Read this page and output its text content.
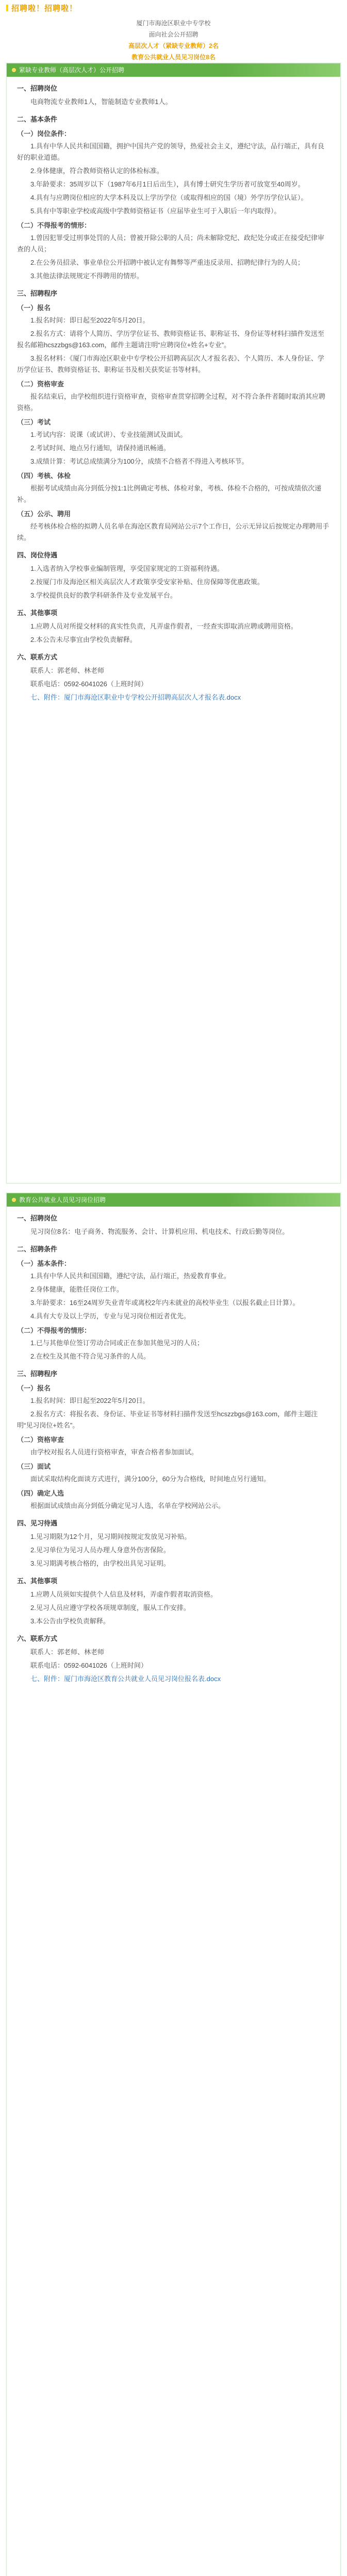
招聘啦！招聘啦！
厦门市海沧区职业中专学校
面向社会公开招聘
高层次人才（紧缺专业教师）2名
教育公共就业人员见习岗位8名
紧缺专业教师（高层次人才）公开招聘
一、招聘岗位
电商物流专业教师1人，智能制造专业教师1人。
二、基本条件
（一）岗位条件：
1.具有中华人民共和国国籍，拥护中国共产党的领导，热爱社会主义，遵纪守法，品行端正，具有良好的职业道德。
2.身体健康，符合教师资格认定的体检标准。
3.年龄要求：35周岁以下（1987年6月1日后出生），具有博士研究生学历者可放宽至40周岁。
4.具有与应聘岗位相应的大学本科及以上学历学位（或取得相应的国（境）外学历学位认证）。
5.具有中等职业学校或高级中学教师资格证书（应届毕业生可于入职后一年内取得）。
（二）不得报考的情形：
1.曾因犯罪受过刑事处罚的人员；曾被开除公职的人员；尚未解除党纪、政纪处分或正在接受纪律审查的人员；
2.在公务员招录、事业单位公开招聘中被认定有舞弊等严重违反录用、招聘纪律行为的人员；
3.其他法律法规规定不得聘用的情形。
三、招聘程序
（一）报名
1.报名时间：即日起至2022年5月20日。
2.报名方式：请将个人简历、学历学位证书、教师资格证书、职称证书、身份证等材料扫描件发送至报名邮箱hcszzbgs@163.com，邮件主题请注明“应聘岗位+姓名+专业”。
3.报名材料：《厦门市海沧区职业中专学校公开招聘高层次人才报名表》、个人简历、本人身份证、学历学位证书、教师资格证书、职称证书及相关获奖证书等材料。
（二）资格审查
报名结束后，由学校组织进行资格审查，资格审查贯穿招聘全过程，对不符合条件者随时取消其应聘资格。
（三）考试
1.考试内容：说课（或试讲）、专业技能测试及面试。
2.考试时间、地点另行通知，请保持通讯畅通。
3.成绩计算：考试总成绩满分为100分，成绩不合格者不得进入考核环节。
（四）考核、体检
根据考试成绩由高分到低分按1:1比例确定考核、体检对象，考核、体检不合格的，可按成绩依次递补。
（五）公示、聘用
经考核体检合格的拟聘人员名单在海沧区教育局网站公示7个工作日，公示无异议后按规定办理聘用手续。
四、岗位待遇
1.入选者纳入学校事业编制管理，享受国家规定的工资福利待遇。
2.按厦门市及海沧区相关高层次人才政策享受安家补贴、住房保障等优惠政策。
3.学校提供良好的教学科研条件及专业发展平台。
五、其他事项
1.应聘人员对所提交材料的真实性负责，凡弄虚作假者，一经查实即取消应聘或聘用资格。
2.本公告未尽事宜由学校负责解释。
六、联系方式
联系人：郭老师、林老师
联系电话：0592-6041026（上班时间）
七、附件：厦门市海沧区职业中专学校公开招聘高层次人才报名表.docx
教育公共就业人员见习岗位招聘
一、招聘岗位
见习岗位8名：电子商务、物流服务、会计、计算机应用、机电技术、行政后勤等岗位。
二、招聘条件
（一）基本条件：
1.具有中华人民共和国国籍，遵纪守法，品行端正，热爱教育事业。
2.身体健康，能胜任岗位工作。
3.年龄要求：16至24周岁失业青年或离校2年内未就业的高校毕业生（以报名截止日计算）。
4.具有大专及以上学历，专业与见习岗位相近者优先。
（二）不得报考的情形：
1.已与其他单位签订劳动合同或正在参加其他见习的人员；
2.在校生及其他不符合见习条件的人员。
三、招聘程序
（一）报名
1.报名时间：即日起至2022年5月20日。
2.报名方式：将报名表、身份证、毕业证书等材料扫描件发送至hcszzbgs@163.com，邮件主题注明“见习岗位+姓名”。
（二）资格审查
由学校对报名人员进行资格审查，审查合格者参加面试。
（三）面试
面试采取结构化面谈方式进行，满分100分，60分为合格线，时间地点另行通知。
（四）确定人选
根据面试成绩由高分到低分确定见习人选，名单在学校网站公示。
四、见习待遇
1.见习期限为12个月，见习期间按规定发放见习补贴。
2.见习单位为见习人员办理人身意外伤害保险。
3.见习期满考核合格的，由学校出具见习证明。
五、其他事项
1.应聘人员须如实提供个人信息及材料，弄虚作假者取消资格。
2.见习人员应遵守学校各项规章制度，服从工作安排。
3.本公告由学校负责解释。
六、联系方式
联系人：郭老师、林老师
联系电话：0592-6041026（上班时间）
七、附件：厦门市海沧区教育公共就业人员见习岗位报名表.docx
